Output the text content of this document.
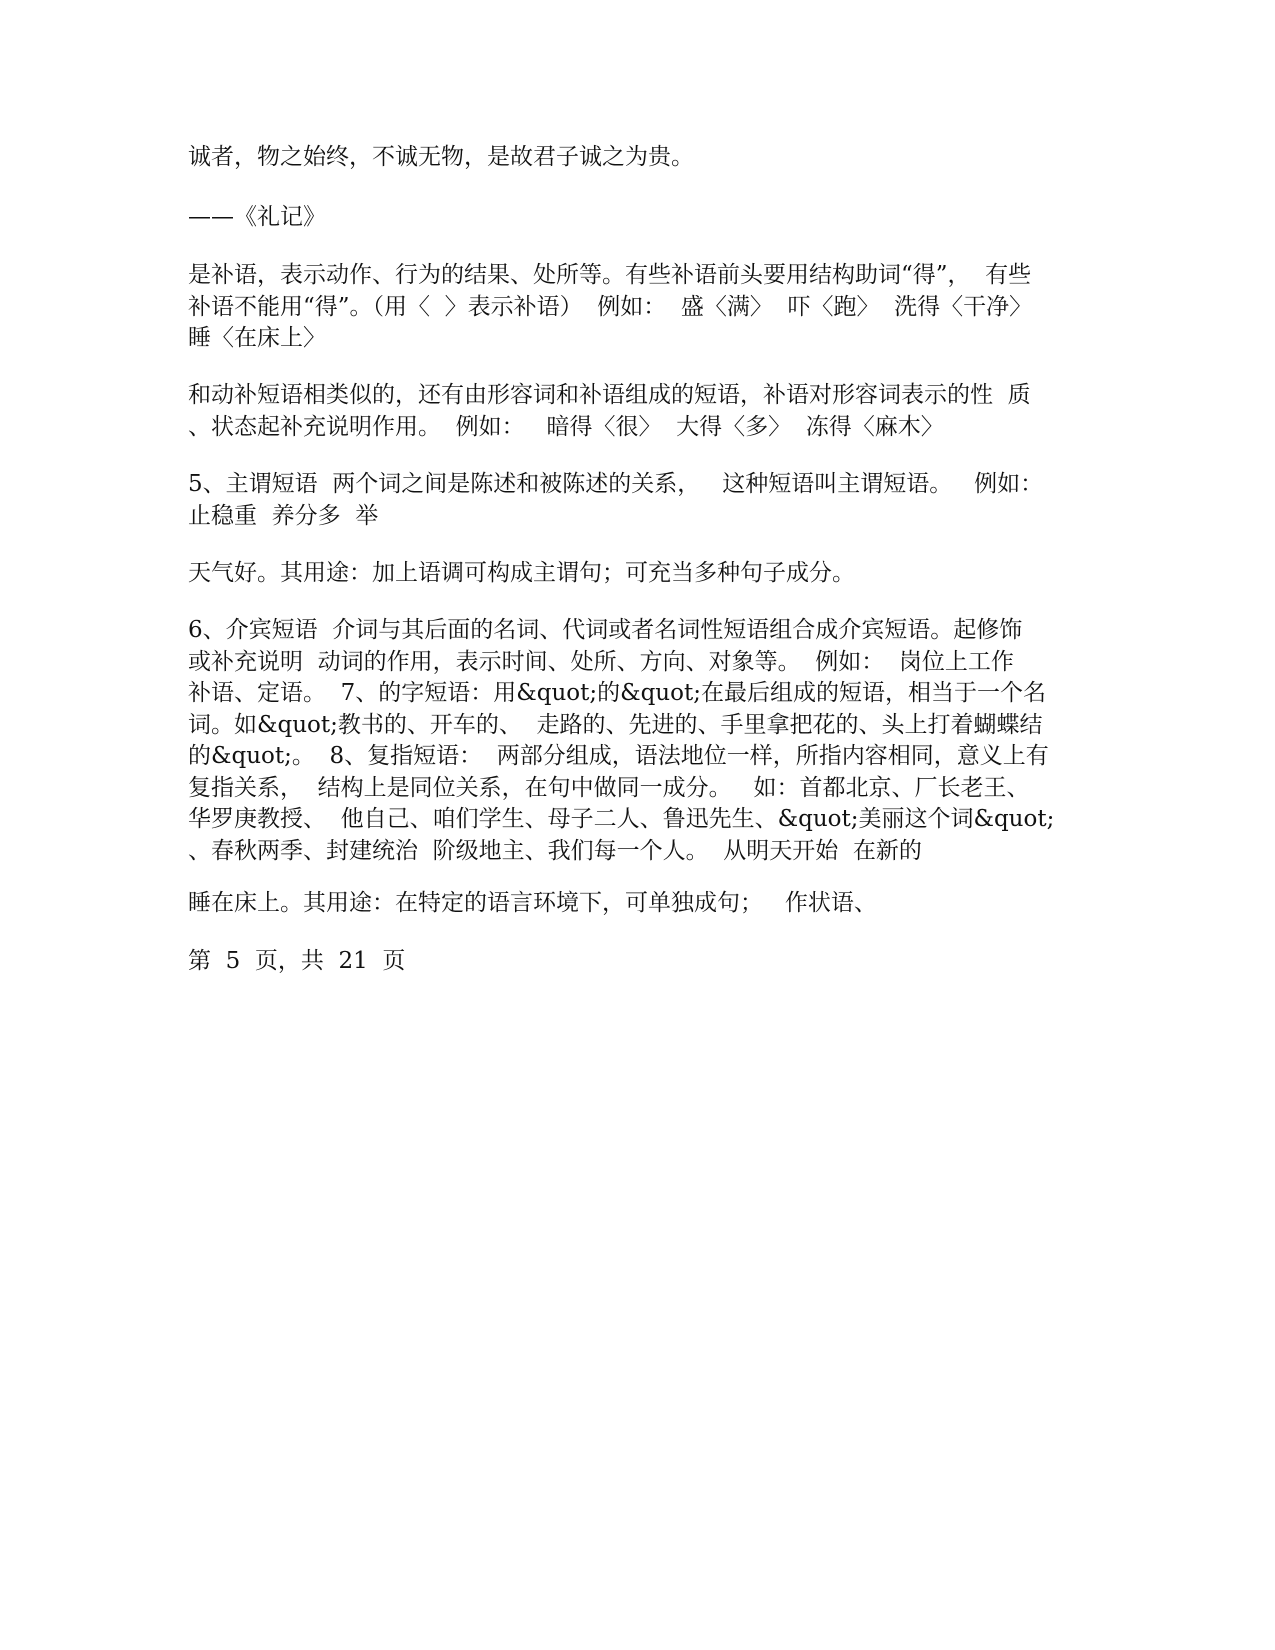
诚者，物之始终，不诚无物，是故君子诚之为贵。

——《礼记》

是补语，表示动作、行为的结果、处所等。有些补语前头要用结构助词“得”，  有些
补语不能用“得”。（用〈  〉表示补语）  例如：  盛〈满〉  吓〈跑〉  洗得〈干净〉
睡〈在床上〉

和动补短语相类似的，还有由形容词和补语组成的短语，补语对形容词表示的性  质
、状态起补充说明作用。  例如：   暗得〈很〉  大得〈多〉  冻得〈麻木〉

5、主谓短语  两个词之间是陈述和被陈述的关系，   这种短语叫主谓短语。   例如：
止稳重  养分多  举

天气好。其用途：加上语调可构成主谓句；可充当多种句子成分。

6、介宾短语  介词与其后面的名词、代词或者名词性短语组合成介宾短语。起修饰
或补充说明  动词的作用，表示时间、处所、方向、对象等。  例如：  岗位上工作
补语、定语。  7、的字短语：用&quot;的&quot;在最后组成的短语，相当于一个名
词。如&quot;教书的、开车的、  走路的、先进的、手里拿把花的、头上打着蝴蝶结
的&quot;。  8、复指短语：  两部分组成，语法地位一样，所指内容相同，意义上有
复指关系，  结构上是同位关系，在句中做同一成分。   如：首都北京、厂长老王、
华罗庚教授、  他自己、咱们学生、母子二人、鲁迅先生、&quot;美丽这个词&quot;
、春秋两季、封建统治  阶级地主、我们每一个人。  从明天开始  在新的

睡在床上。其用途：在特定的语言环境下，可单独成句；   作状语、

第  5  页，共  21  页
